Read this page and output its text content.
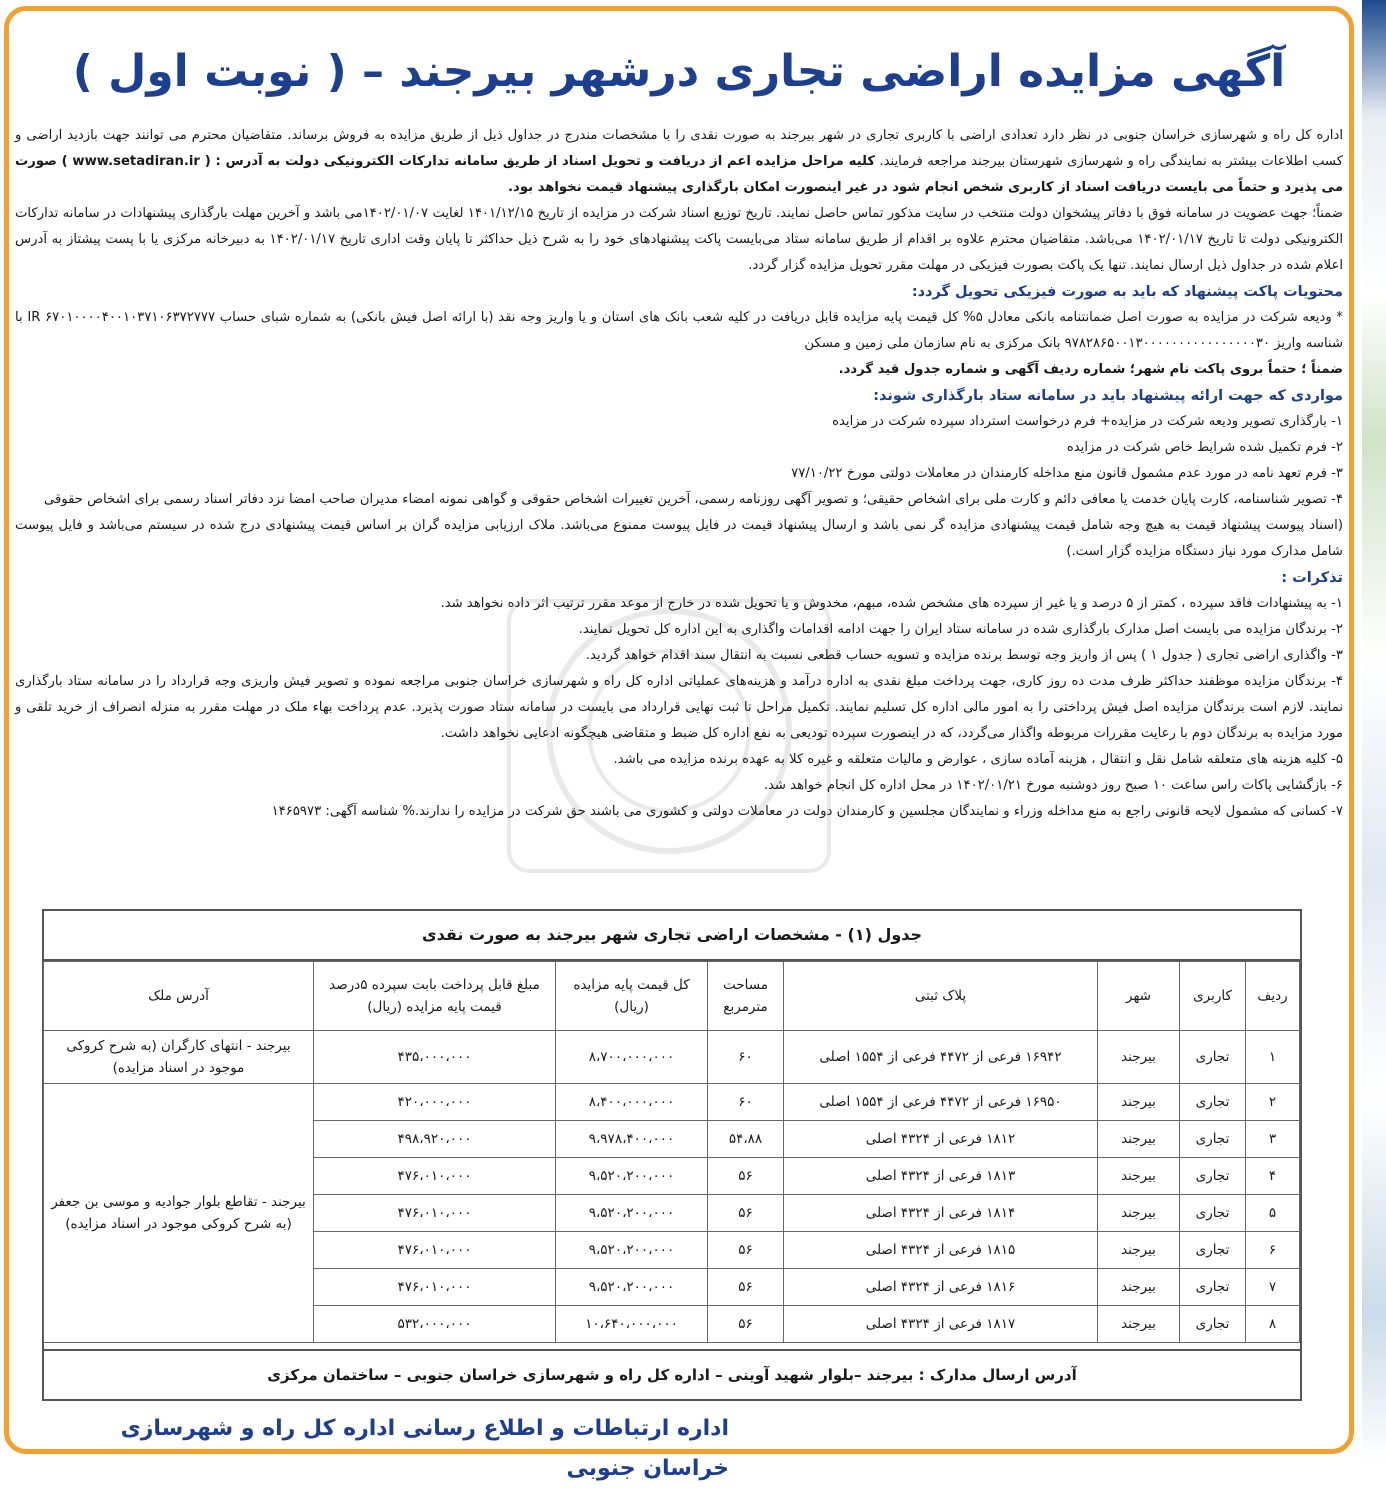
آگهی مزایده اراضی تجاری درشهر بیرجند – ( نوبت اول )

اداره کل راه و شهرسازی خراسان جنوبی در نظر دارد تعدادی اراضی با کاربری تجاری در شهر بیرجند به صورت نقدی را با مشخصات مندرج در جداول ذیل از طریق مزایده به فروش برساند. متقاضیان محترم می توانند جهت بازدید اراضی و کسب اطلاعات بیشتر به نمایندگی راه و شهرسازی شهرستان بیرجند مراجعه فرمایند. کلیه مراحل مزایده اعم از دریافت و تحویل اسناد از طریق سامانه تدارکات الکترونیکی دولت به آدرس : ( www.setadiran.ir ) صورت می پذیرد و حتماً می بایست دریافت اسناد از کاربری شخص انجام شود در غیر اینصورت امکان بارگذاری پیشنهاد قیمت نخواهد بود.

ضمناً؛ جهت عضویت در سامانه فوق با دفاتر پیشخوان دولت منتخب در سایت مذکور تماس حاصل نمایند. تاریخ توزیع اسناد شرکت در مزایده از تاریخ ۱۴۰۱/۱۲/۱۵ لغایت ۱۴۰۲/۰۱/۰۷می باشد و آخرین مهلت بارگذاری پیشنهادات در سامانه تدارکات الکترونیکی دولت تا تاریخ ۱۴۰۲/۰۱/۱۷ می‌باشد. متقاضیان محترم علاوه بر اقدام از طریق سامانه ستاد می‌بایست پاکت پیشنهادهای خود را به شرح ذیل حداکثر تا پایان وقت اداری تاریخ ۱۴۰۲/۰۱/۱۷ به دبیرخانه مرکزی یا با پست پیشتاز به آدرس اعلام شده در جداول ذیل ارسال نمایند. تنها یک پاکت بصورت فیزیکی در مهلت مقرر تحویل مزایده گزار گردد.

محتویات پاکت پیشنهاد که باید به صورت فیزیکی تحویل گردد:

* ودیعه شرکت در مزایده به صورت اصل ضمانتنامه بانکی معادل ۵% کل قیمت پایه مزایده قابل دریافت در کلیه شعب بانک های استان و یا واریز وجه نقد (با ارائه اصل فیش بانکی) به شماره شبای حساب IR ۶۷۰۱۰۰۰۰۴۰۰۱۰۳۷۱۰۶۳۷۲۷۷۷ با شناسه واریز ۹۷۸۲۸۶۵۰۰۱۳۰۰۰۰۰۰۰۰۰۰۰۰۰۰۰۰۳۰ بانک مرکزی به نام سازمان ملی زمین و مسکن

ضمناً ؛ حتماً بروی پاکت نام شهر؛ شماره ردیف آگهی و شماره جدول قید گردد.

مواردی که جهت ارائه پیشنهاد باید در سامانه ستاد بارگذاری شوند:

۱- بارگذاری تصویر ودیعه شرکت در مزایده+ فرم درخواست استرداد سپرده شرکت در مزایده

۲- فرم تکمیل شده شرایط خاص شرکت در مزایده

۳- فرم تعهد نامه در مورد عدم مشمول قانون منع مداخله کارمندان در معاملات دولتی مورخ ۷۷/۱۰/۲۲

۴- تصویر شناسنامه، کارت پایان خدمت یا معافی دائم و کارت ملی برای اشخاص حقیقی؛ و تصویر آگهی روزنامه رسمی، آخرین تغییرات اشخاص حقوقی و گواهی نمونه امضاء مدیران صاحب امضا نزد دفاتر اسناد رسمی برای اشخاص حقوقی

(اسناد پیوست پیشنهاد قیمت به هیچ وجه شامل قیمت پیشنهادی مزایده گر نمی باشد و ارسال پیشنهاد قیمت در فایل پیوست ممنوع می‌باشد. ملاک ارزیابی مزایده گران بر اساس قیمت پیشنهادی درج شده در سیستم می‌باشد و فایل پیوست شامل مدارک مورد نیاز دستگاه مزایده گزار است.)

تذکرات :

۱- به پیشنهادات فاقد سپرده ، کمتر از ۵ درصد و یا غیر از سپرده های مشخص شده، مبهم، مخدوش و یا تحویل شده در خارج از موعد مقرر ترتیب اثر داده نخواهد شد.

۲- برندگان مزایده می بایست اصل مدارک بارگذاری شده در سامانه ستاد ایران را جهت ادامه اقدامات واگذاری به این اداره کل تحویل نمایند.

۳- واگذاری اراضی تجاری ( جدول ۱ ) پس از واریز وجه توسط برنده مزایده و تسویه حساب قطعی نسبت به انتقال سند اقدام خواهد گردید.

۴- برندگان مزایده موظفند حداکثر ظرف مدت ده روز کاری، جهت پرداخت مبلغ نقدی به اداره درآمد و هزینه‌های عملیاتی اداره کل راه و شهرسازی خراسان جنوبی مراجعه نموده و تصویر فیش واریزی وجه قرارداد را در سامانه ستاد بارگذاری نمایند. لازم است برندگان مزایده اصل فیش پرداختی را به امور مالی اداره کل تسلیم نمایند. تکمیل مراحل تا ثبت نهایی قرارداد می بایست در سامانه ستاد صورت پذیرد. عدم پرداخت بهاء ملک در مهلت مقرر به منزله انصراف از خرید تلقی و مورد مزایده به برندگان دوم با رعایت مقررات مربوطه واگذار می‌گردد، که در اینصورت سپرده تودیعی به نفع اداره کل ضبط و متقاضی هیچگونه ادعایی نخواهد داشت.

۵- کلیه هزینه های متعلقه شامل نقل و انتقال ، هزینه آماده سازی ، عوارض و مالیات متعلقه و غیره کلا به عهده برنده مزایده می باشد.

۶- بازگشایی پاکات راس ساعت ۱۰ صبح روز دوشنبه مورخ ۱۴۰۲/۰۱/۲۱ در محل اداره کل انجام خواهد شد.

۷- کسانی که مشمول لایحه قانونی راجع به منع مداخله وزراء و نمایندگان مجلسین و کارمندان دولت در معاملات دولتی و کشوری می باشند حق شرکت در مزایده را ندارند.% شناسه آگهی: ۱۴۶۵۹۷۳

جدول (۱) - مشخصات اراضی تجاری شهر بیرجند به صورت نقدی
ردیف	کاربری	شهر	پلاک ثبتی	مساحت مترمربع	کل قیمت پایه مزایده (ریال)	مبلغ قابل پرداخت بابت سپرده ۵درصد قیمت پایه مزایده (ریال)	آدرس ملک
۱	تجاری	بیرجند	۱۶۹۴۲ فرعی از ۴۴۷۲ فرعی از ۱۵۵۴ اصلی	۶۰	۸،۷۰۰،۰۰۰،۰۰۰	۴۳۵،۰۰۰،۰۰۰	بیرجند - انتهای کارگران (به شرح کروکی موجود در اسناد مزایده)
۲	تجاری	بیرجند	۱۶۹۵۰ فرعی از ۴۴۷۲ فرعی از ۱۵۵۴ اصلی	۶۰	۸،۴۰۰،۰۰۰،۰۰۰	۴۲۰،۰۰۰،۰۰۰	بیرجند - تقاطع بلوار جوادیه و موسی بن جعفر (به شرح کروکی موجود در اسناد مزایده)
۳	تجاری	بیرجند	۱۸۱۲ فرعی از ۴۳۲۴ اصلی	۵۴،۸۸	۹،۹۷۸،۴۰۰،۰۰۰	۴۹۸،۹۲۰،۰۰۰	
۴	تجاری	بیرجند	۱۸۱۳ فرعی از ۴۳۲۴ اصلی	۵۶	۹،۵۲۰،۲۰۰،۰۰۰	۴۷۶،۰۱۰،۰۰۰	
۵	تجاری	بیرجند	۱۸۱۴ فرعی از ۴۳۲۴ اصلی	۵۶	۹،۵۲۰،۲۰۰،۰۰۰	۴۷۶،۰۱۰،۰۰۰	
۶	تجاری	بیرجند	۱۸۱۵ فرعی از ۴۳۲۴ اصلی	۵۶	۹،۵۲۰،۲۰۰،۰۰۰	۴۷۶،۰۱۰،۰۰۰	
۷	تجاری	بیرجند	۱۸۱۶ فرعی از ۴۳۲۴ اصلی	۵۶	۹،۵۲۰،۲۰۰،۰۰۰	۴۷۶،۰۱۰،۰۰۰	
۸	تجاری	بیرجند	۱۸۱۷ فرعی از ۴۳۲۴ اصلی	۵۶	۱۰،۶۴۰،۰۰۰،۰۰۰	۵۳۲،۰۰۰،۰۰۰	
آدرس ارسال مدارک : بیرجند –بلوار شهید آوینی – اداره کل راه و شهرسازی خراسان جنوبی – ساختمان مرکزی
اداره ارتباطات و اطلاع رسانی اداره کل راه و شهرسازی خراسان جنوبی
